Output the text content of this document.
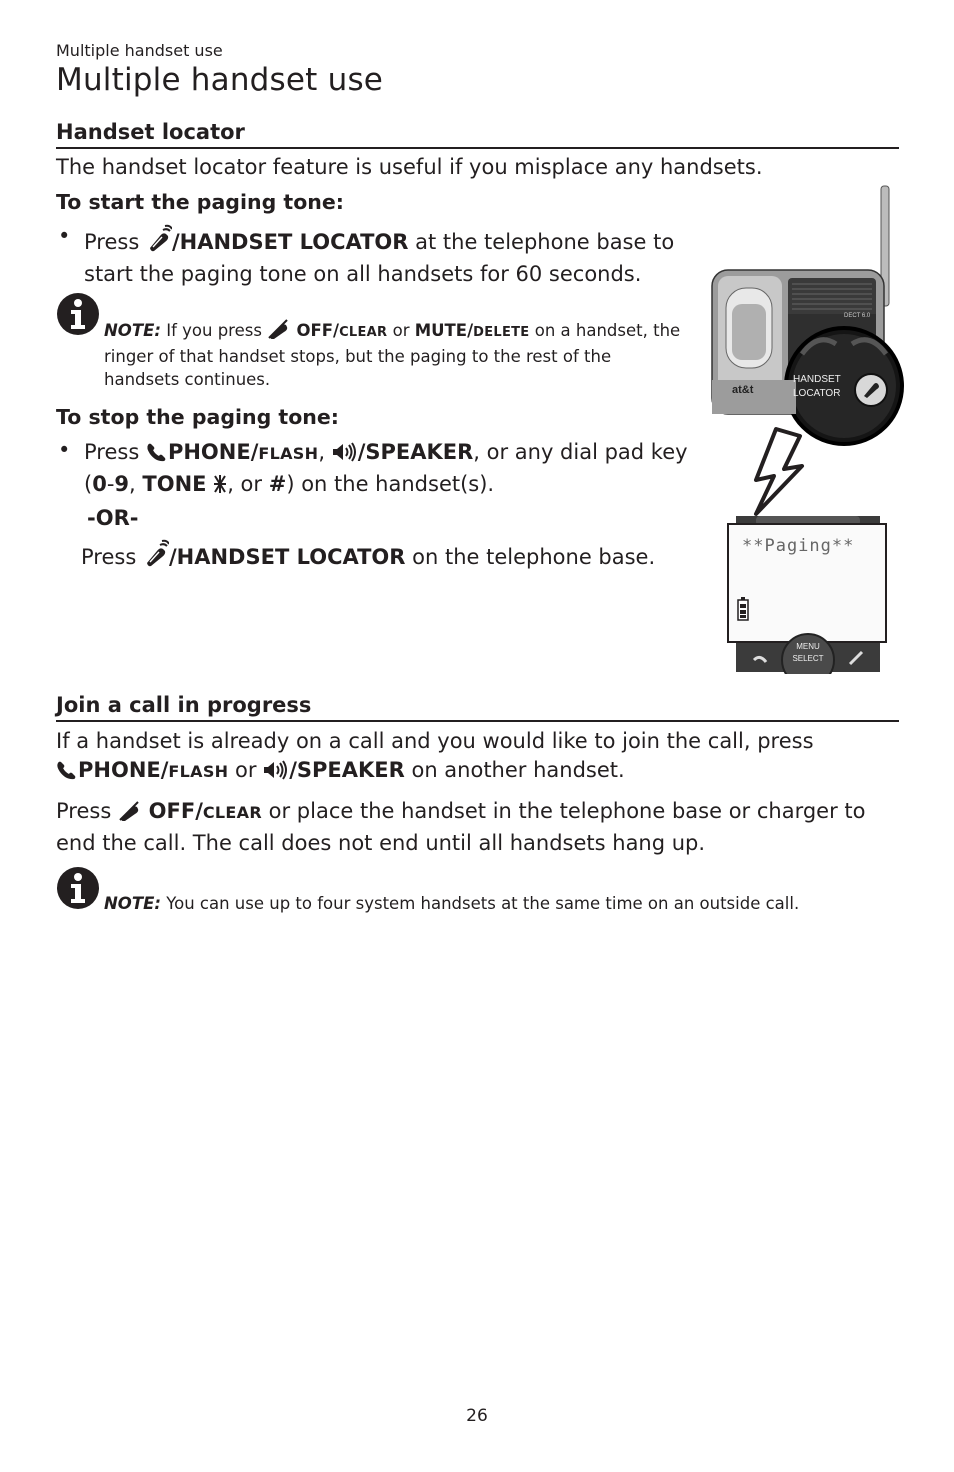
Multiple handset use
Multiple handset use
Handset locator
The handset locator feature is useful if you misplace any handsets.
To start the paging tone:
• Press /HANDSET LOCATOR at the telephone base to
start the paging tone on all handsets for 60 seconds.
NOTE: If you press OFF/CLEAR or MUTE/DELETE on a handset, the
ringer of that handset stops, but the paging to the rest of the
handsets continues.
To stop the paging tone:
• Press PHONE/FLASH, /SPEAKER, or any dial pad key
(0-9, TONE , or #) on the handset(s).
-OR-
Press /HANDSET LOCATOR on the telephone base.
HANDSET
LOCATOR
at&t
DECT 6.0
**Paging**
MENU
SELECT
Join a call in progress
If a handset is already on a call and you would like to join the call, press
PHONE/FLASH or /SPEAKER on another handset.
Press OFF/CLEAR or place the handset in the telephone base or charger to
end the call. The call does not end until all handsets hang up.
NOTE: You can use up to four system handsets at the same time on an outside call.
26
